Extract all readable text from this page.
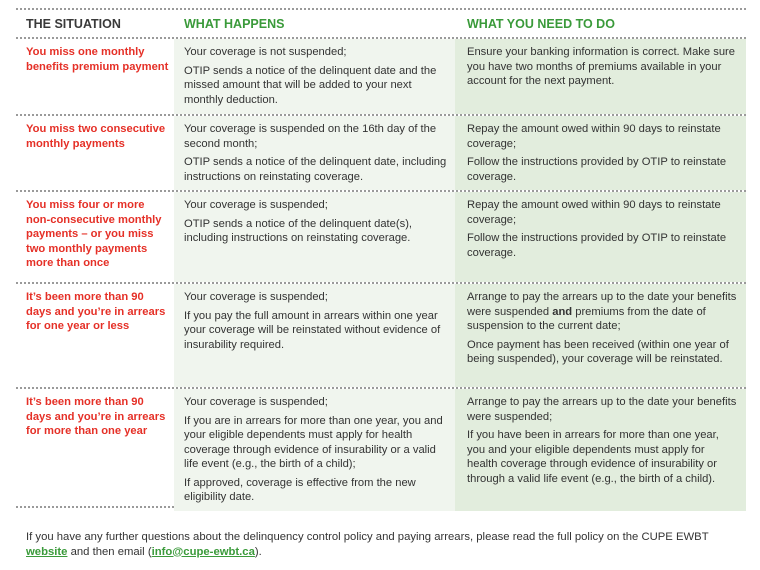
THE SITUATION	WHAT HAPPENS	WHAT YOU NEED TO DO
You miss one monthly benefits premium payment

Your coverage is not suspended;

OTIP sends a notice of the delinquent date and the missed amount that will be added to your next monthly deduction.

Ensure your banking information is correct. Make sure you have two months of premiums available in your account for the next payment.

You miss two consecutive monthly payments

Your coverage is suspended on the 16th day of the second month;

OTIP sends a notice of the delinquent date, including instructions on reinstating coverage.

Repay the amount owed within 90 days to reinstate coverage;

Follow the instructions provided by OTIP to reinstate coverage.

You miss four or more non-consecutive monthly payments – or you miss two monthly payments more than once

Your coverage is suspended;

OTIP sends a notice of the delinquent date(s), including instructions on reinstating coverage.

Repay the amount owed within 90 days to reinstate coverage;

Follow the instructions provided by OTIP to reinstate coverage.

It’s been more than 90 days and you’re in arrears for one year or less

Your coverage is suspended;

If you pay the full amount in arrears within one year your coverage will be reinstated without evidence of insurability required.

Arrange to pay the arrears up to the date your benefits were suspended and premiums from the date of suspension to the current date;

Once payment has been received (within one year of being suspended), your coverage will be reinstated.

It’s been more than 90 days and you’re in arrears for more than one year

Your coverage is suspended;

If you are in arrears for more than one year, you and your eligible dependents must apply for health coverage through evidence of insurability or a valid life event (e.g., the birth of a child);

If approved, coverage is effective from the new eligibility date.

Arrange to pay the arrears up to the date your benefits were suspended;

If you have been in arrears for more than one year, you and your eligible dependents must apply for health coverage through evidence of insurability or through a valid life event (e.g., the birth of a child).

If you have any further questions about the delinquency control policy and paying arrears, please read the full policy on the CUPE EWBT website and then email (info@cupe-ewbt.ca).
